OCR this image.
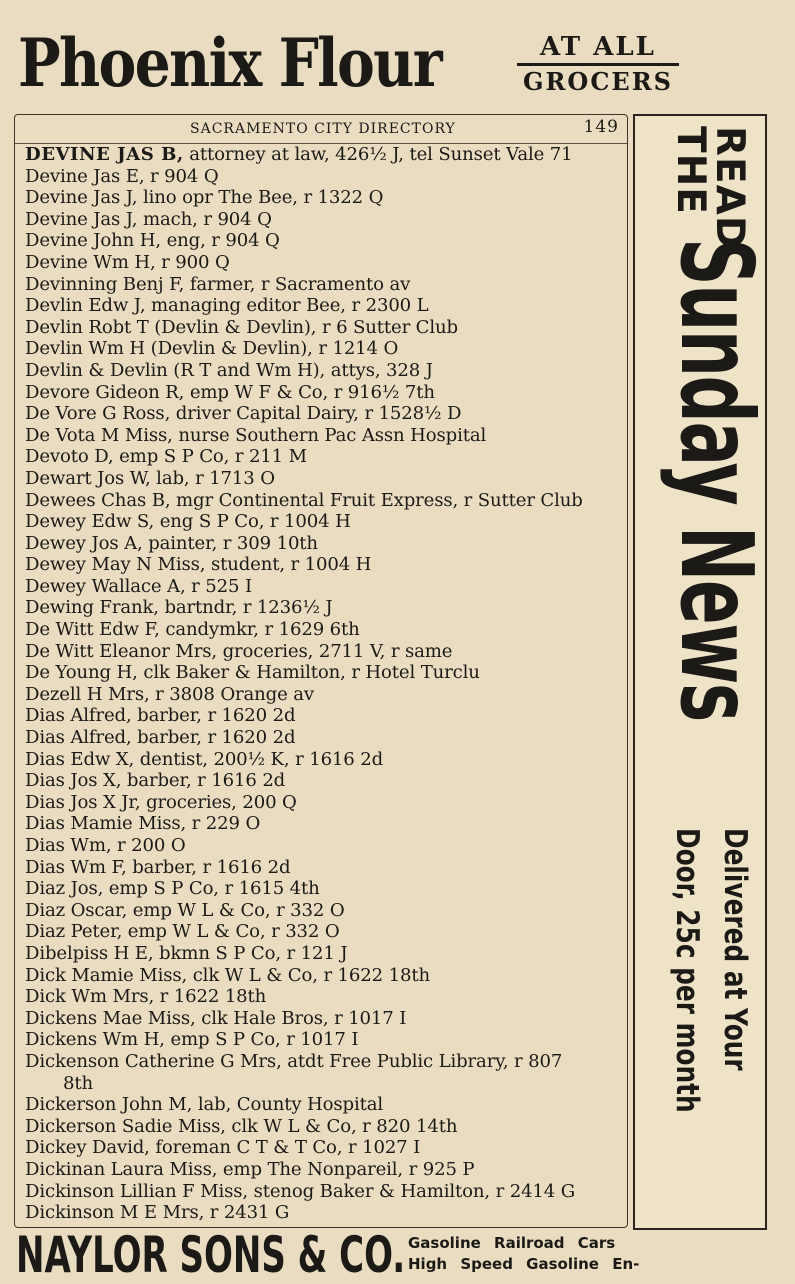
Phoenix Flour	AT ALL
GROCERS
SACRAMENTO CITY DIRECTORY	149
DEVINE JAS B, attorney at law, 426½ J, tel Sunset Vale 71
Devine Jas E, r 904 Q
Devine Jas J, lino opr The Bee, r 1322 Q
Devine Jas J, mach, r 904 Q
Devine John H, eng, r 904 Q
Devine Wm H, r 900 Q
Devinning Benj F, farmer, r Sacramento av
Devlin Edw J, managing editor Bee, r 2300 L
Devlin Robt T (Devlin & Devlin), r 6 Sutter Club
Devlin Wm H (Devlin & Devlin), r 1214 O
Devlin & Devlin (R T and Wm H), attys, 328 J
Devore Gideon R, emp W F & Co, r 916½ 7th
De Vore G Ross, driver Capital Dairy, r 1528½ D
De Vota M Miss, nurse Southern Pac Assn Hospital
Devoto D, emp S P Co, r 211 M
Dewart Jos W, lab, r 1713 O
Dewees Chas B, mgr Continental Fruit Express, r Sutter Club
Dewey Edw S, eng S P Co, r 1004 H
Dewey Jos A, painter, r 309 10th
Dewey May N Miss, student, r 1004 H
Dewey Wallace A, r 525 I
Dewing Frank, bartndr, r 1236½ J
De Witt Edw F, candymkr, r 1629 6th
De Witt Eleanor Mrs, groceries, 2711 V, r same
De Young H, clk Baker & Hamilton, r Hotel Turclu
Dezell H Mrs, r 3808 Orange av
Dias Alfred, barber, r 1620 2d
Dias Alfred, barber, r 1620 2d
Dias Edw X, dentist, 200½ K, r 1616 2d
Dias Jos X, barber, r 1616 2d
Dias Jos X Jr, groceries, 200 Q
Dias Mamie Miss, r 229 O
Dias Wm, r 200 O
Dias Wm F, barber, r 1616 2d
Diaz Jos, emp S P Co, r 1615 4th
Diaz Oscar, emp W L & Co, r 332 O
Diaz Peter, emp W L & Co, r 332 O
Dibelpiss H E, bkmn S P Co, r 121 J
Dick Mamie Miss, clk W L & Co, r 1622 18th
Dick Wm Mrs, r 1622 18th
Dickens Mae Miss, clk Hale Bros, r 1017 I
Dickens Wm H, emp S P Co, r 1017 I
Dickenson Catherine G Mrs, atdt Free Public Library, r 807
8th
Dickerson John M, lab, County Hospital
Dickerson Sadie Miss, clk W L & Co, r 820 14th
Dickey David, foreman C T & T Co, r 1027 I
Dickinan Laura Miss, emp The Nonpareil, r 925 P
Dickinson Lillian F Miss, stenog Baker & Hamilton, r 2414 G
Dickinson M E Mrs, r 2431 G
READ
THE
Sunday News
Delivered at Your
Door, 25c per month
NAYLOR SONS & CO. Gasoline Railroad Cars
High Speed Gasoline En-
